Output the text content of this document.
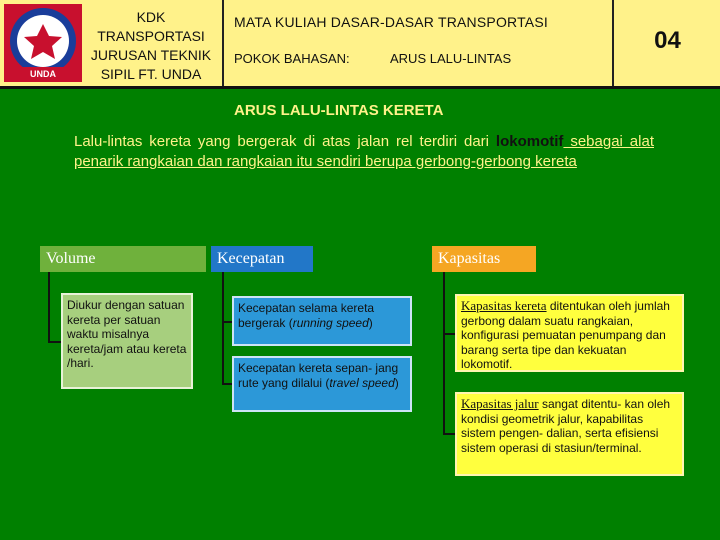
UNDA
KDK
TRANSPORTASI
JURUSAN TEKNIK
SIPIL FT. UNDA
MATA KULIAH DASAR-DASAR TRANSPORTASI
POKOK BAHASAN:	ARUS LALU-LINTAS
04
ARUS LALU-LINTAS KERETA
Lalu-lintas kereta yang bergerak di atas jalan rel terdiri dari lokomotif sebagai alat penarik rangkaian dan rangkaian itu sendiri berupa gerbong-gerbong kereta
Volume
Diukur dengan satuan kereta per satuan waktu misalnya kereta/jam atau kereta /hari.
Kecepatan
Kecepatan selama kereta bergerak (running speed)
Kecepatan kereta sepan- jang rute yang dilalui (travel speed)
Kapasitas
Kapasitas kereta ditentukan oleh jumlah gerbong dalam suatu rangkaian, konfigurasi pemuatan penumpang dan barang serta tipe dan kekuatan lokomotif.
Kapasitas jalur sangat ditentu- kan oleh kondisi geometrik jalur, kapabilitas sistem pengen- dalian, serta efisiensi sistem operasi di stasiun/terminal.
